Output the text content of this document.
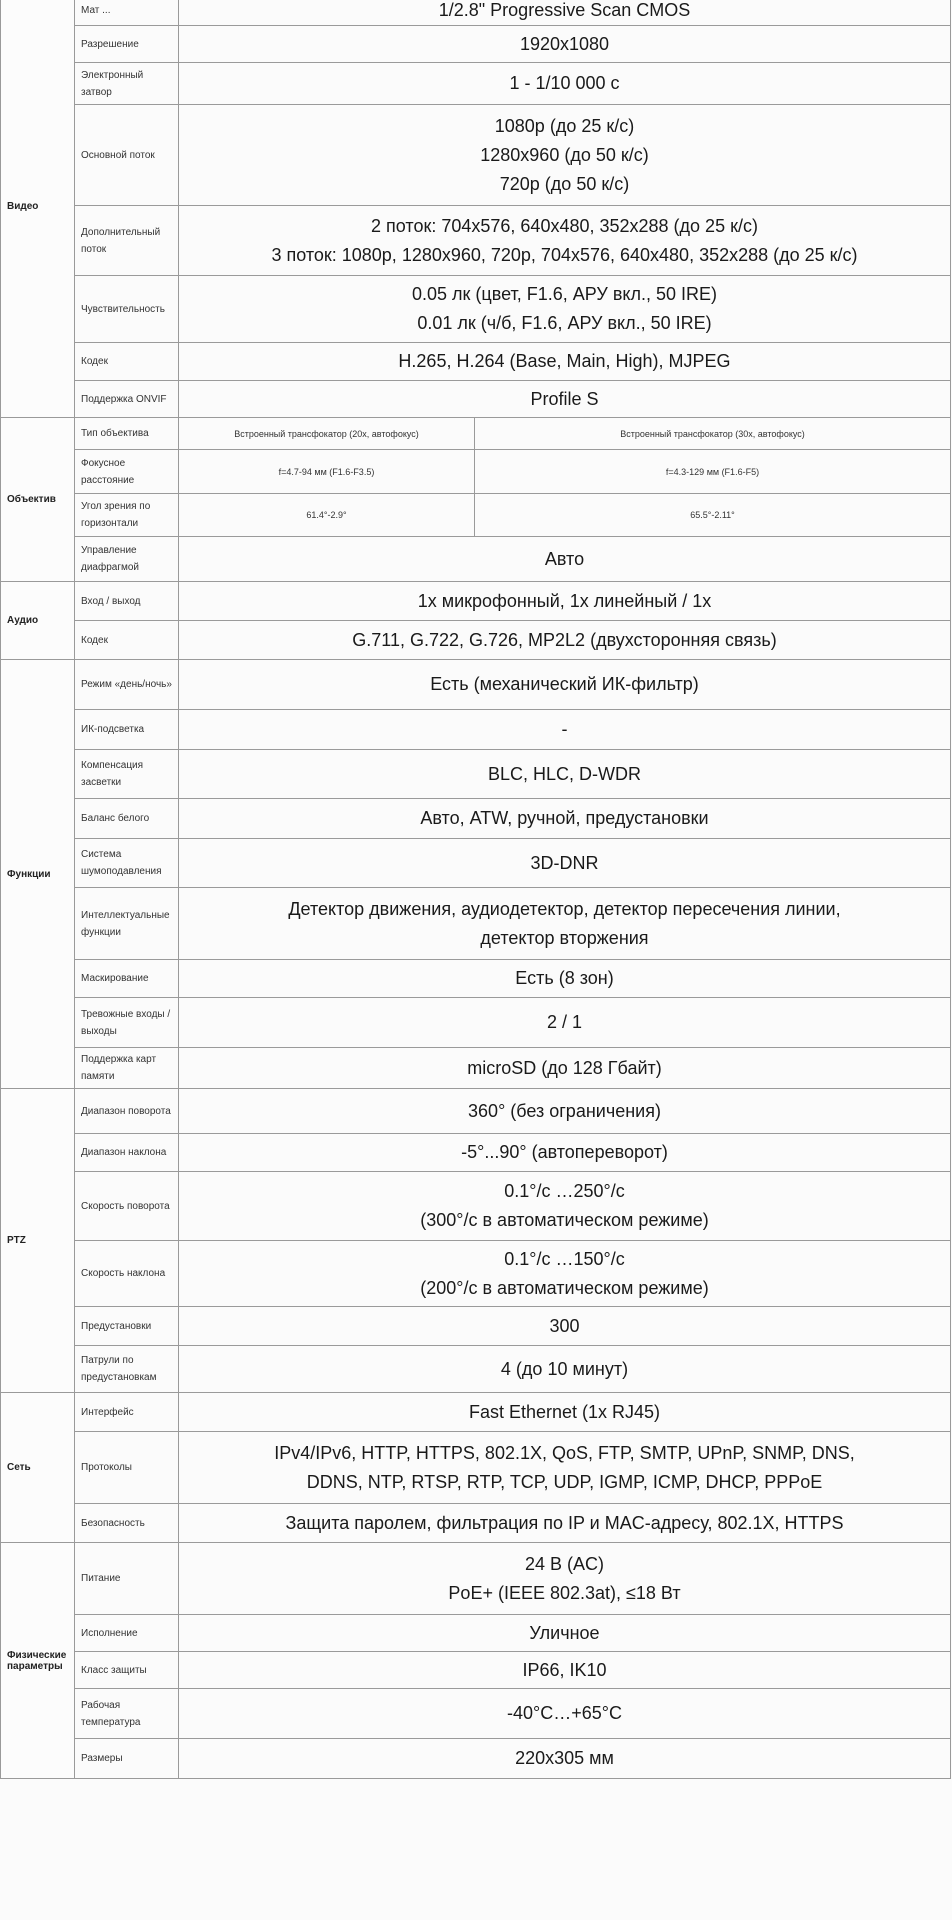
Видео	Мат ...	1/2.8" Progressive Scan CMOS	
	Разрешение	1920x1080	
	Электронный затвор	1 - 1/10 000 с	
	Основной поток	1080р (до 25 к/с)
1280x960 (до 50 к/с)
720р (до 50 к/с)	

	Дополнительный поток	2 поток: 704x576, 640x480, 352x288 (до 25 к/с)
3 поток: 1080р, 1280x960, 720р, 704x576, 640x480, 352x288 (до 25 к/с)	

	Чувствительность	0.05 лк (цвет, F1.6, АРУ вкл., 50 IRE)
0.01 лк (ч/б, F1.6, АРУ вкл., 50 IRE)	

	Кодек	H.265, H.264 (Base, Main, High), MJPEG	
	Поддержка ONVIF	Profile S	
Объектив	Тип объектива	Встроенный трансфокатор (20х, автофокус)	Встроенный трансфокатор (30х, автофокус)
	Фокусное расстояние	f=4.7-94 мм (F1.6-F3.5)	f=4.3-129 мм (F1.6-F5)
	Угол зрения по горизонтали	61.4°-2.9°	65.5°-2.11°
	Управление диафрагмой	Авто	
Аудио	Вход / выход	1х микрофонный, 1х линейный / 1х	
	Кодек	G.711, G.722, G.726, MP2L2 (двухсторонняя связь)	
Функции	Режим «день/ночь»	Есть (механический ИК-фильтр)	
	ИК-подсветка	-	
	Компенсация засветки	BLC, HLC, D-WDR	
	Баланс белого	Авто, ATW, ручной, предустановки	
	Система шумоподавления	3D-DNR	
	Интеллектуальные функции	Детектор движения, аудиодетектор, детектор пересечения линии,
детектор вторжения	

	Маскирование	Есть (8 зон)	
	Тревожные входы / выходы	2 / 1	
	Поддержка карт памяти	microSD (до 128 Гбайт)	
PTZ	Диапазон поворота	360° (без ограничения)	
	Диапазон наклона	-5°...90° (автопереворот)	
	Скорость поворота	0.1°/с …250°/с
(300°/с в автоматическом режиме)	

	Скорость наклона	0.1°/с …150°/с
(200°/с в автоматическом режиме)	

	Предустановки	300	
	Патрули по предустановкам	4 (до 10 минут)	
Сеть	Интерфейс	Fast Ethernet (1х RJ45)	
	Протоколы	IPv4/IPv6, HTTP, HTTPS, 802.1X, QoS, FTP, SMTP, UPnP, SNMP, DNS,
DDNS, NTP, RTSP, RTP, TCP, UDP, IGMP, ICMP, DHCP, PPPoE	

	Безопасность	Защита паролем, фильтрация по IP и MAC-адресу, 802.1X, HTTPS	
Физические параметры	Питание	24 В (AC)
PoE+ (IEEE 802.3at), ≤18 Вт	

	Исполнение	Уличное	
	Класс защиты	IP66, IK10	
	Рабочая температура	-40°C…+65°C	
	Размеры	220x305 мм	
